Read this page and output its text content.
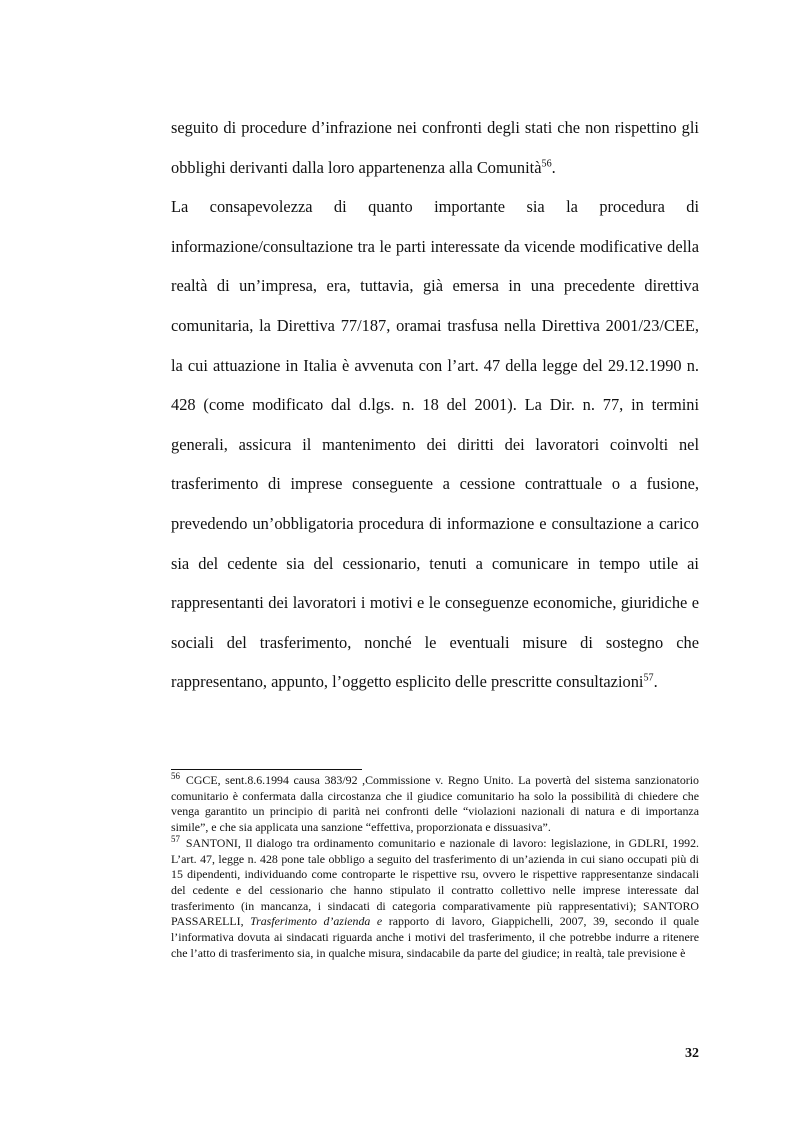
seguito di procedure d’infrazione nei confronti degli stati che non rispettino gli obblighi derivanti dalla loro appartenenza alla Comunità$^{56}$.

La consapevolezza di quanto importante sia la procedura di informazione/consultazione tra le parti interessate da vicende modificative della realtà di un’impresa, era, tuttavia, già emersa in una precedente direttiva comunitaria, la Direttiva 77/187, oramai trasfusa nella Direttiva 2001/23/CEE, la cui attuazione in Italia è avvenuta con l’art. 47 della legge del 29.12.1990 n. 428 (come modificato dal d.lgs. n. 18 del 2001). La Dir. n. 77, in termini generali, assicura il mantenimento dei diritti dei lavoratori coinvolti nel trasferimento di imprese conseguente a cessione contrattuale o a fusione, prevedendo un’obbligatoria procedura di informazione e consultazione a carico sia del cedente sia del cessionario, tenuti a comunicare in tempo utile ai rappresentanti dei lavoratori i motivi e le conseguenze economiche, giuridiche e sociali del trasferimento, nonché le eventuali misure di sostegno che rappresentano, appunto, l’oggetto esplicito delle prescritte consultazioni$^{57}$.

$^{56}$ CGCE, sent.8.6.1994 causa 383/92 ,Commissione v. Regno Unito. La povertà del sistema sanzionatorio comunitario è confermata dalla circostanza che il giudice comunitario ha solo la possibilità di chiedere che venga garantito un principio di parità nei confronti delle “violazioni nazionali di natura e di importanza simile”, e che sia applicata una sanzione “effettiva, proporzionata e dissuasiva”.

$^{57}$ SANTONI, Il dialogo tra ordinamento comunitario e nazionale di lavoro: legislazione, in GDLRI, 1992. L’art. 47, legge n. 428 pone tale obbligo a seguito del trasferimento di un’azienda in cui siano occupati più di 15 dipendenti, individuando come controparte le rispettive rsu, ovvero le rispettive rappresentanze sindacali del cedente e del cessionario che hanno stipulato il contratto collettivo nelle imprese interessate dal trasferimento (in mancanza, i sindacati di categoria comparativamente più rappresentativi); SANTORO PASSARELLI, Trasferimento d’azienda e rapporto di lavoro, Giappichelli, 2007, 39, secondo il quale l’informativa dovuta ai sindacati riguarda anche i motivi del trasferimento, il che potrebbe indurre a ritenere che l’atto di trasferimento sia, in qualche misura, sindacabile da parte del giudice; in realtà, tale previsione è

32
